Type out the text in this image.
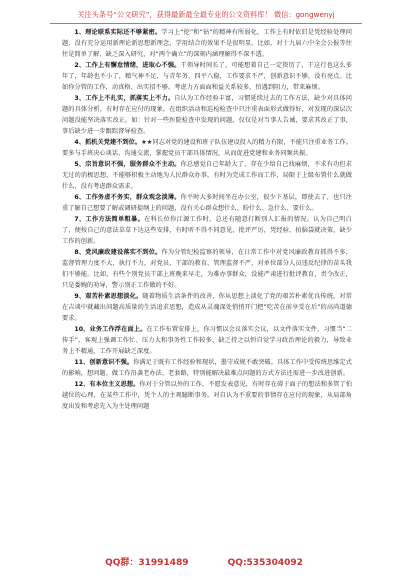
关注头条号“公文研究”，获得最新最全最专业的公文资料库！ 微信：gongwenyj

1、理论联系实际还不够紧密。学习上“挖”和“钻”的精神有所弱化，工作上有时依旧是凭经验处理问题，没有充分运用新理论新思想新理念，学用结合的效果不是很明显。比如，对十九届六中全会公报等往往是简单了解，缺乏深入研究，对“两个确立”的深刻内涵理解得不深不透。

2、工作上有懈怠情绪，进取心不强。干领导时间长了，可能想着自己一定资历了，干这行也这么多年了，年龄也不小了，精气神不足，与青年务，四平八稳，工作要求不严，创新意识不够，没有亮点。比如你分管的工作，动真格、出实招不够。考虑力方面面和益关系较多，怕遇到阻力，带来麻烦。

3、工作上不扎实，抓落实上不力。自认为工作经验丰富，习惯延续过去的工作方法，缺少对具体问题的具体分析，有时存在应付的现象。在组织活动和巡检检查中只注重表面形式做得好，对发现的深层次问题没能坚决落实改正。如：针对一些医院检查中发现的问题，仅仅是对当事人告诫，要求其改正了事，事后缺少进一步跟踪督导检查。

4、抓机关党建不到位。★★同志对党的建设和班子队伍建设投入的精力有限，不能只注重业务工作。要多与手班决心谈话、沟通交流，掌握党员干部具体情况，从而促进党建和业务同频共振。

5、宗旨意识不强，服务群众不主动。你总感觉自己年龄大了，存在少给自己找麻烦，不求有功但求无过的消极思想，不能够积极主动地为人民群众办事，有时为完成工作而工作，局限于上级布置什么就做什么，没有考虑群众需求。

6、工作务虚不务实，群众观念淡薄。你平时大多时间坐在办公室，很少下基层，即使去了，也只注重了解自己想要了解或调研提纲上的问题，没有关心群众想什么、盼什么、急什么、要什么。

7、工作方法简单粗暴。在科长位你江源工作时，总还有随意打断别人汇报的情况。认为自己明白了，便按自己的意法草草下达这些安排，有时听不得不同意见，批评严厉，凭经验、拍脑袋就决策，缺少工作的创新。

8、党风廉政建设落实不到位。作为分管纪检监察的领导，在日常工作中对党风廉政教育抓得不多，监督管理力度不大，执行不力，对党员、干部的教育、管理监督不严，对单位部分人员违反纪律的苗头我们不够能。比如，有些个别党员干部上班晚来早走，为难办事群众，没能严肃进行批评教育，责令改正，只是委婉的劝导，警示别正工作做的不好。

9、艰苦朴素思想淡化。随着物质生活条件的改善，你从思想上淡化了党的艰苦朴素优良传统，对常在吉谈中就藏出问题高质量的生活追求思想，造成从灵魂深处悄悄开门把”吃苦在前享受在后”的高尚道德要求。

10、业务工作浮在面上。在工作布置安排上，你习惯以会议落实会议，以文件落实文件，习惯当“二传手”，客观上强调工作忙、压力大和事务性工作较多，缺乏持之以恒自觉学习政治理论的毅力，导致业务上不精通，工作开展缺乏深度。

11、创新意识不强。你满足于既有工作经验和现状，墨守成规不敢突破。具体工作中受传统思维定式的影响，想问题、做工作沿袭老办法、老套路，特别能解决最难点问题的方式方法还需进一步改进创新。

12、有本位主义思想。你对于分管以外的工作，不愿发表意见，有时存在碍于面子的想法和多管了怕越位的心理，在某些工作中，凭个人的主观臆断事务。对自认为不重要的事情存在应付的现象，从局部角度出发和考虑先入为主处理问题

QQ群：31991489	QQ:535304092
